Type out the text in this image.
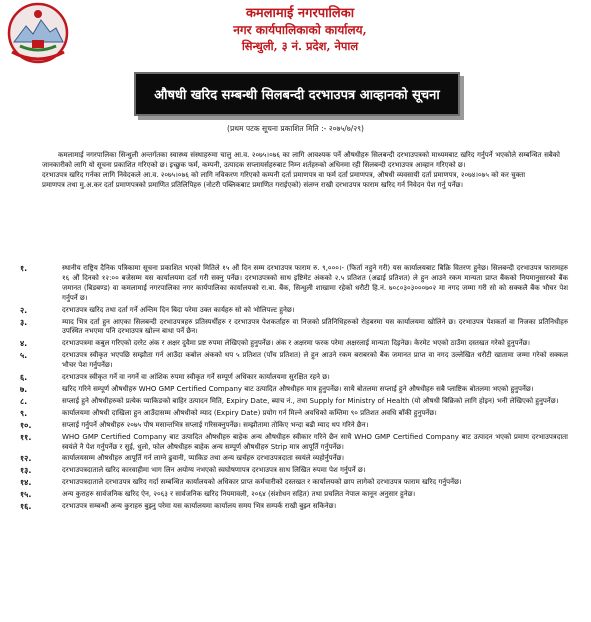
कमलामाई नगरपालिका
नगर कार्यपालिकाको कार्यालय,
सिन्धुली, ३ नं. प्रदेश, नेपाल
औषधी खरिद सम्बन्धी सिलबन्दी दरभाउपत्र आव्हानको सूचना
(प्रथम पटक सूचना प्रकाशित मिति :- २०७५/७/२९)

कमलामाई नगरपालिका सिन्धुली अन्तर्गतका स्वास्थ्य संस्थाहरुमा चालु आ.व. २०७५।०७६ का लागि आवश्यक पर्ने औषधीहरु सिलबन्दी दरभाउपत्रको माध्यमबाट खरिद गर्नुपर्ने भएकोले सम्बन्धित सबैको जानकारीको लागि यो सूचना प्रकाशित गरिएको छ। इच्छुक फर्म, कम्पनी, उत्पादक सप्लायर्सहरुबाट निम्न शर्तहरुको अधिनमा रही सिलबन्दी दरभाउपत्र आव्हान गरिएको छ।

दरभाउपत्र खरिद गर्नका लागि निवेदकले आ.व. २०७५।०७६ को लागि नविकरण गरिएको कम्पनी दर्ता प्रमाणपत्र वा फर्म दर्ता प्रमाणपत्र, औषधी व्यवसायी दर्ता प्रमाणपत्र, २०७४।०७५ को कर चुक्ता

प्रमाणपत्र तथा मु.अ.कर दर्ता प्रमाणपत्रको प्रमाणित प्रतिलिपिहरु (नोटरी पब्लिकबाट प्रमाणित गराईएको) संलग्न राखी दरभाउपत्र फाराम खरिद गर्न निवेदन पेश गर्नु पर्नेछ।

१.	स्थानीय राष्ट्रिय दैनिक पत्रिकामा सूचना प्रकाशित भएको मितिले १५ औं दिन सम्म दरभाउपत्र फाराम रु. ९,०००।- (फिर्ता नहुने गरी) यस कार्यालयबाट बिक्रि वितरण हुनेछ। सिलबन्दी दरभाउपत्र फारामहरु १६ औं दिनको १२:०० बजेसम्म यस कार्यालयमा दर्ता गरी सक्नु पर्नेछ। दरभाउपत्रको साथ इष्टिमेट अंकको २.५ प्रतिशत (अढाई प्रतिशत) ले हुन आउने रकम मान्यता प्राप्त बैंकको नियमानुसारको बैंक जमानत (बिडबण्ड) वा कमलामाई नगरपालिका नगर कार्यपालिका कार्यालयको रा.बा. बैंक, सिन्धुली शाखामा रहेको धरौटी हि.नं. ७०८०३०३०००७०२ मा नगद जम्मा गरी सो को सक्कलै बैंक भौचर पेश गर्नुपर्ने छ।
२.	दरभाउपत्र खरिद तथा दर्ता गर्ने अन्तिम दिन बिदा परेमा उक्त कार्यहरु सो को भोलिपल्ट हुनेछ।
३.	म्याद भित्र दर्ता हुन आएका सिलबन्दी दरभाउपत्रहरु प्रतिस्पर्धीहरु र दरभाउपत्र पेशकर्ताहरु वा निजको प्रतिनिधिहरुको रोहबरमा यस कार्यालयमा खोलिने छ। दरभाउपत्र पेशकर्ता वा निजका प्रतिनिधीहरु उपस्थित नभएमा पनि दरभाउपत्र खोल्न बाधा पर्ने छैन।
४.	दरभाउपत्रमा कबुल गरिएको दररेट अंक र अक्षर दुवैमा प्रष्ट रुपमा लेखिएको हुनुपर्नेछ। अंक र अक्षरमा फरक परेमा अक्षरलाई मान्यता दिइनेछ। केरमेट भएको ठाउँमा दस्तखत गरेको हुनुपर्नेछ।
५.	दरभाउपत्र स्वीकृत भएपछि सम्झौता गर्न आउँदा कबोल अंकको थप ५ प्रतिशत (पाँच प्रतिशत) ले हुन आउने रकम बराबरको बैंक जमानत प्राप्त वा नगद उल्लेखित धरौटी खातामा जम्मा गरेको सक्कल भौचर पेश गर्नुपर्नेछ।
६.	दरभाउपत्र स्वीकृत गर्ने वा नगर्ने वा आंशिक रुपमा स्वीकृत गर्ने सम्पूर्ण अधिकार कार्यालयमा सुरक्षित रहने छ।
७.	खरिद गरिने सम्पूर्ण औषधीहरु WHO GMP Certified Company बाट उत्पादित औषधीहरु मात्र हुनुपर्नेछ। साथै बोतलमा सप्लाई हुने औषधीहरु सबै प्लाष्टिक बोतलमा भएको हुनुपर्नेछ।
८.	सप्लाई हुने औषधीहरुको प्रत्येक प्याकिङको बाहिर उत्पादन मिति, Expiry Date, ब्याच नं., तथा Supply for Ministry of Health (यो औषधी बिक्रिको लागि होइन) भनी लेखिएको हुनुपर्नेछ।
९.	कार्यालयमा औषधी दाखिला हुन आउँदासम्म औषधीको म्याद (Expiry Date) प्रयोग गर्न मिल्ने अवधिको कम्तिमा ९० प्रतिशत अवधि बाँकी हुनुपर्नेछ।
१०.	सप्लाई गर्नुपर्ने औषधीहरु २०७५ पौष मसान्तभित्र सप्लाई गरिसक्नुपर्नेछ। सम्झौतामा तोकिए भन्दा बढी म्याद थप गरिने छैन।
११.	WHO GMP Certified Company बाट उत्पादित औषधीहरु बाहेक अन्य औषधीहरु स्वीकार गरिने छैन साथै WHO GMP Certified Company बाट उत्पादन भएको प्रमाण दरभाउपत्रदाता स्वयंले नै पेश गर्नुपर्नेछ र सुई, धुलो, फोल औषधीहरु बाहेक अन्य सम्पूर्ण औषधीहरु Strip मात्र आपूर्ति गर्नुपर्नेछ।
१२.	कार्यालयसम्म औषधीहरु आपूर्ति गर्न लाग्ने ढुवानी, प्याकिङ तथा अन्य खर्चहरु दरभाउपत्रदाता स्वयंले व्यहोर्नुपर्नेछ।
१३.	दरभाउपत्रदाताले खरिद कारवाहीमा भाग लिन अयोग्य नभएको स्वघोषणापत्र दरभाउपत्र साथ लिखित रुपमा पेश गर्नुपर्ने छ।
१४.	दरभाउपत्रदाताले दरभाउपत्र खरिद गर्दा सम्बन्धित कार्यालयको अधिकार प्राप्त कर्मचारीको दस्तखत र कार्यालयको छाप लागेको दरभाउपत्र फाराम खरिद गर्नुपर्नेछ।
१५.	अन्य कुराहरु सार्वजनिक खरिद ऐन, २०६३ र सार्वजनिक खरिद नियमावली, २०६४ (संशोधन सहित) तथा प्रचलित नेपाल कानून अनुसार हुनेछ।
१६.	दरभाउपत्र सम्बन्धी अन्य कुराहरु बुझ्नु परेमा यस कार्यालयमा कार्यालय समय भित्र सम्पर्क राखी बुझ्न सकिनेछ।
